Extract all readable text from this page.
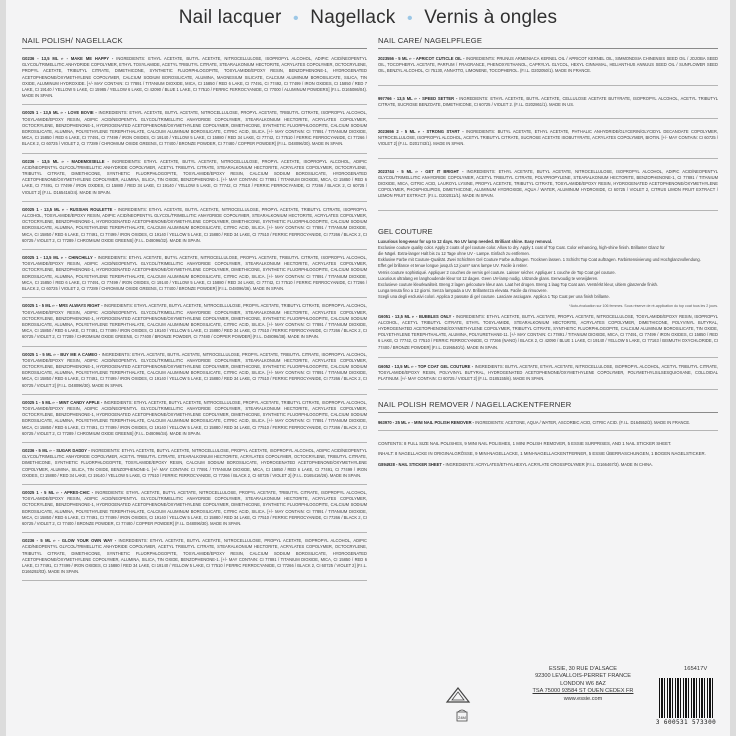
Nail lacquer • Nagellack • Vernis à ongles
NAIL POLISH/ NAGELLACK
G0236 - 13,5 ML ℮ - MAKE ME HAPPY - INGREDIENTS: ETHYL ACETATE, BUTYL ACETATE, NITROCELLULOSE, ISOPROPYL ALCOHOL, ADIPIC ACID/NEOPENTYL GLYCOL/TRIMELLITIC ANHYDRIDE COPOLYMER, ETHYL TOSYLAMIDE, ACETYL TRIBUTYL CITRATE, STEARALKONIUM HECTORITE, ACRYLATES COPOLYMER, OCTOCRYLENE, PROPYL ACETATE, TRIBUTYL CITRATE, DIMETHICONE, SYNTHETIC FLUORPHLOGOPITE, TOSYLAMIDE/EPOXY RESIN, BENZOPHENONE-1, HYDROGENATED ACETOPHENONE/OXYMETHYLENE COPOLYMER, CALCIUM SODIUM BOROSILICATE, ALUMINA, MAGNESIUM SILICATE, CALCIUM ALUMINUM BOROSILICATE, SILICA, TIN OXIDE, ALUMINUM HYDROXIDE. [+/- MAY CONTAIN: CI 77891 / TITANIUM DIOXIDE, MICA, CI 15850 / RED 6 LAKE, CI 77491, CI 77492, CI 77499 / IRON OXIDES, CI 15850 / RED 7 LAKE, CI 19140 / YELLOW 5 LAKE, CI 15985 / YELLOW 6 LAKE, CI 42090 / BLUE 1 LAKE, CI 77510 / FERRIC FERROCYANIDE, CI 77000 / ALUMINUM POWDERS] (F.I.L. D165086/04). MADE IN SPAIN.
G0025 1 - 13,5 ML ℮ - LOVE BOVIE - INGREDIENTS: ETHYL ACETATE, BUTYL ACETATE, NITROCELLULOSE, PROPYL ACETATE, TRIBUTYL CITRATE, ISOPROPYL ALCOHOL, TOSYLAMIDE/EPOXY RESIN, ADIPIC ACID/NEOPENTYL GLYCOL/TRIMELLITIC ANHYDRIDE COPOLYMER, STEARALKONIUM HECTORITE, ACRYLATES COPOLYMER, OCTOCRYLENE, BENZOPHENONE-1, HYDROGENATED ACETOPHENONE/OXYMETHYLENE COPOLYMER, DIMETHICONE, SYNTHETIC FLUORPHLOGOPITE, CALCIUM SODIUM BOROSILICATE, ALUMINA, POLYETHYLENE TEREPHTHALATE, CALCIUM ALUMINUM BOROSILICATE, CITRIC ACID, SILICA. [+/- MAY CONTAIN: CI 77891 / TITANIUM DIOXIDE, MICA, CI 15850 / RED 6 LAKE, CI 77491, CI 77499 / IRON OXIDES, CI 19140 / YELLOW 5 LAKE, CI 15880 / RED 34 LAKE, CI 77742, CI 77510 / FERRIC FERROCYANIDE, CI 77266 / BLACK 2, CI 60725 / VIOLET 2, CI 77289 / CHROMIUM OXIDE GREENS, CI 77400 / BRONZE POWDER, CI 77480 / COPPER POWDER] (F.I.L. D48096/30). MADE IN SPAIN.
G0236 - 13,5 ML ℮ - MADEMOISELLE - INGREDIENTS: ETHYL ACETATE, BUTYL ACETATE, NITROCELLULOSE, PROPYL ACETATE, ISOPROPYL ALCOHOL, ADIPIC ACID/NEOPENTYL GLYCOL/TRIMELLITIC ANHYDRIDE COPOLYMER, ACETYL TRIBUTYL CITRATE, STEARALKONIUM HECTORITE, ACRYLATES COPOLYMER, OCTOCRYLENE, TRIBUTYL CITRATE, DIMETHICONE, SYNTHETIC FLUORPHLOGOPITE, TOSYLAMIDE/EPOXY RESIN, CALCIUM SODIUM BOROSILICATE, HYDROGENATED ACETOPHENONE/OXYMETHYLENE COPOLYMER, ALUMINA, SILICA, TIN OXIDE, BENZOPHENONE-1. [+/- MAY CONTAIN: CI 77891 / TITANIUM DIOXIDE, MICA, CI 15850 / RED 6 LAKE, CI 77491, CI 77499 / IRON OXIDES, CI 15880 / RED 34 LAKE, CI 19140 / YELLOW 5 LAKE, CI 77742, CI 77510 / FERRIC FERROCYANIDE, CI 77266 / BLACK 2, CI 60725 / VIOLET 2] (F.I.L. D165416/24). MADE IN SPAIN.
G0025 1 - 13,5 ML ℮ - RUSSIAN ROULETTE - INGREDIENTS: ETHYL ACETATE, BUTYL ACETATE, NITROCELLULOSE, PROPYL ACETATE, TRIBUTYL CITRATE, ISOPROPYL ALCOHOL, TOSYLAMIDE/EPOXY RESIN, ADIPIC ACID/NEOPENTYL GLYCOL/TRIMELLITIC ANHYDRIDE COPOLYMER, STEARALKONIUM HECTORITE, ACRYLATES COPOLYMER, OCTOCRYLENE, BENZOPHENONE-1, HYDROGENATED ACETOPHENONE/OXYMETHYLENE COPOLYMER, DIMETHICONE, SYNTHETIC FLUORPHLOGOPITE, CALCIUM SODIUM BOROSILICATE, ALUMINA, POLYETHYLENE TEREPHTHALATE, CALCIUM ALUMINUM BOROSILICATE, CITRIC ACID, SILICA. [+/- MAY CONTAIN: CI 77891 / TITANIUM DIOXIDE, MICA, CI 15850 / RED 6 LAKE, CI 77491, CI 77499 / IRON OXIDES, CI 19140 / YELLOW 5 LAKE, CI 15880 / RED 34 LAKE, CI 77510 / FERRIC FERROCYANIDE, CI 77266 / BLACK 2, CI 60725 / VIOLET 2, CI 77289 / CHROMIUM OXIDE GREENS] (F.I.L. D48096/32). MADE IN SPAIN.
G0025 1 - 13,5 ML ℮ - CHINCHILLY - INGREDIENTS: ETHYL ACETATE, BUTYL ACETATE, NITROCELLULOSE, PROPYL ACETATE, TRIBUTYL CITRATE, ISOPROPYL ALCOHOL, TOSYLAMIDE/EPOXY RESIN, ADIPIC ACID/NEOPENTYL GLYCOL/TRIMELLITIC ANHYDRIDE COPOLYMER, STEARALKONIUM HECTORITE, ACRYLATES COPOLYMER, OCTOCRYLENE, BENZOPHENONE-1, HYDROGENATED ACETOPHENONE/OXYMETHYLENE COPOLYMER, DIMETHICONE, SYNTHETIC FLUORPHLOGOPITE, CALCIUM SODIUM BOROSILICATE, ALUMINA, POLYETHYLENE TEREPHTHALATE, CALCIUM ALUMINUM BOROSILICATE, CITRIC ACID, SILICA. [+/- MAY CONTAIN: CI 77891 / TITANIUM DIOXIDE, MICA, CI 15850 / RED 6 LAKE, CI 77491, CI 77499 / IRON OXIDES, CI 19140 / YELLOW 5 LAKE, CI 15880 / RED 34 LAKE, CI 77742, CI 77510 / FERRIC FERROCYANIDE, CI 77266 / BLACK 2, CI 60725 / VIOLET 2, CI 77289 / CHROMIUM OXIDE GREENS, CI 77400 / BRONZE POWDER] (F.I.L. D48096/36). MADE IN SPAIN.
G0025 1 - 5 ML ℮ - MRS ALWAYS RIGHT - INGREDIENTS: ETHYL ACETATE, BUTYL ACETATE, NITROCELLULOSE, PROPYL ACETATE, TRIBUTYL CITRATE, ISOPROPYL ALCOHOL, TOSYLAMIDE/EPOXY RESIN, ADIPIC ACID/NEOPENTYL GLYCOL/TRIMELLITIC ANHYDRIDE COPOLYMER, STEARALKONIUM HECTORITE, ACRYLATES COPOLYMER, OCTOCRYLENE, BENZOPHENONE-1, HYDROGENATED ACETOPHENONE/OXYMETHYLENE COPOLYMER, DIMETHICONE, SYNTHETIC FLUORPHLOGOPITE, CALCIUM SODIUM BOROSILICATE, ALUMINA, POLYETHYLENE TEREPHTHALATE, CALCIUM ALUMINUM BOROSILICATE, CITRIC ACID, SILICA. [+/- MAY CONTAIN: CI 77891 / TITANIUM DIOXIDE, MICA, CI 15850 / RED 6 LAKE, CI 77491, CI 77499 / IRON OXIDES, CI 19140 / YELLOW 5 LAKE, CI 15880 / RED 34 LAKE, CI 77510 / FERRIC FERROCYANIDE, CI 77266 / BLACK 2, CI 60725 / VIOLET 2, CI 77289 / CHROMIUM OXIDE GREENS, CI 77400 / BRONZE POWDER, CI 77480 / COPPER POWDER] (F.I.L. D48096/38). MADE IN SPAIN.
G0025 1 - 5 ML ℮ - BUY ME A CAMEO - INGREDIENTS: ETHYL ACETATE, BUTYL ACETATE, NITROCELLULOSE, PROPYL ACETATE, TRIBUTYL CITRATE, ISOPROPYL ALCOHOL, TOSYLAMIDE/EPOXY RESIN, ADIPIC ACID/NEOPENTYL GLYCOL/TRIMELLITIC ANHYDRIDE COPOLYMER, STEARALKONIUM HECTORITE, ACRYLATES COPOLYMER, OCTOCRYLENE, BENZOPHENONE-1, HYDROGENATED ACETOPHENONE/OXYMETHYLENE COPOLYMER, DIMETHICONE, SYNTHETIC FLUORPHLOGOPITE, CALCIUM SODIUM BOROSILICATE, ALUMINA, POLYETHYLENE TEREPHTHALATE, CALCIUM ALUMINUM BOROSILICATE, CITRIC ACID, SILICA. [+/- MAY CONTAIN: CI 77891 / TITANIUM DIOXIDE, MICA, CI 15850 / RED 6 LAKE, CI 77491, CI 77499 / IRON OXIDES, CI 19140 / YELLOW 5 LAKE, CI 15880 / RED 34 LAKE, CI 77510 / FERRIC FERROCYANIDE, CI 77266 / BLACK 2, CI 60725 / VIOLET 2] (F.I.L. D48096/30). MADE IN SPAIN.
G0025 1 - 5 ML ℮ - MINT CANDY APPLE - INGREDIENTS: ETHYL ACETATE, BUTYL ACETATE, NITROCELLULOSE, PROPYL ACETATE, TRIBUTYL CITRATE, ISOPROPYL ALCOHOL, TOSYLAMIDE/EPOXY RESIN, ADIPIC ACID/NEOPENTYL GLYCOL/TRIMELLITIC ANHYDRIDE COPOLYMER, STEARALKONIUM HECTORITE, ACRYLATES COPOLYMER, OCTOCRYLENE, BENZOPHENONE-1, HYDROGENATED ACETOPHENONE/OXYMETHYLENE COPOLYMER, DIMETHICONE, SYNTHETIC FLUORPHLOGOPITE, CALCIUM SODIUM BOROSILICATE, ALUMINA, POLYETHYLENE TEREPHTHALATE, CALCIUM ALUMINUM BOROSILICATE, CITRIC ACID, SILICA. [+/- MAY CONTAIN: CI 77891 / TITANIUM DIOXIDE, MICA, CI 15850 / RED 6 LAKE, CI 77491, CI 77499 / IRON OXIDES, CI 19140 / YELLOW 5 LAKE, CI 15880 / RED 34 LAKE, CI 77510 / FERRIC FERROCYANIDE, CI 77266 / BLACK 2, CI 60725 / VIOLET 2, CI 77289 / CHROMIUM OXIDE GREENS] (F.I.L. D48096/34). MADE IN SPAIN.
G0236 - 5 ML ℮ - SUGAR DADDY - INGREDIENTS: ETHYL ACETATE, BUTYL ACETATE, NITROCELLULOSE, PROPYL ACETATE, ISOPROPYL ALCOHOL, ADIPIC ACID/NEOPENTYL GLYCOL/TRIMELLITIC ANHYDRIDE COPOLYMER, ACETYL TRIBUTYL CITRATE, STEARALKONIUM HECTORITE, ACRYLATES COPOLYMER, OCTOCRYLENE, TRIBUTYL CITRATE, DIMETHICONE, SYNTHETIC FLUORPHLOGOPITE, TOSYLAMIDE/EPOXY RESIN, CALCIUM SODIUM BOROSILICATE, HYDROGENATED ACETOPHENONE/OXYMETHYLENE COPOLYMER, ALUMINA, SILICA, TIN OXIDE, BENZOPHENONE-1. [+/- MAY CONTAIN: CI 77891 / TITANIUM DIOXIDE, MICA, CI 15850 / RED 6 LAKE, CI 77491, CI 77499 / IRON OXIDES, CI 15880 / RED 34 LAKE, CI 19140 / YELLOW 5 LAKE, CI 77510 / FERRIC FERROCYANIDE, CI 77266 / BLACK 2, CI 60725 / VIOLET 2] (F.I.L. D165416/26). MADE IN SPAIN.
G0025 1 - 5 ML ℮ - APRES-CHIC - INGREDIENTS: ETHYL ACETATE, BUTYL ACETATE, NITROCELLULOSE, PROPYL ACETATE, TRIBUTYL CITRATE, ISOPROPYL ALCOHOL, TOSYLAMIDE/EPOXY RESIN, ADIPIC ACID/NEOPENTYL GLYCOL/TRIMELLITIC ANHYDRIDE COPOLYMER, STEARALKONIUM HECTORITE, ACRYLATES COPOLYMER, OCTOCRYLENE, BENZOPHENONE-1, HYDROGENATED ACETOPHENONE/OXYMETHYLENE COPOLYMER, DIMETHICONE, SYNTHETIC FLUORPHLOGOPITE, CALCIUM SODIUM BOROSILICATE, ALUMINA, POLYETHYLENE TEREPHTHALATE, CALCIUM ALUMINUM BOROSILICATE, CITRIC ACID, SILICA. [+/- MAY CONTAIN: CI 77891 / TITANIUM DIOXIDE, MICA, CI 15850 / RED 6 LAKE, CI 77491, CI 77499 / IRON OXIDES, CI 19140 / YELLOW 5 LAKE, CI 15880 / RED 34 LAKE, CI 77510 / FERRIC FERROCYANIDE, CI 77266 / BLACK 2, CI 60725 / VIOLET 2, CI 77400 / BRONZE POWDER, CI 77480 / COPPER POWDER] (F.I.L. D48096/30). MADE IN SPAIN.
G0236 - 5 ML ℮ - GLOW YOUR OWN WAY - INGREDIENTS: ETHYL ACETATE, BUTYL ACETATE, NITROCELLULOSE, PROPYL ACETATE, ISOPROPYL ALCOHOL, ADIPIC ACID/NEOPENTYL GLYCOL/TRIMELLITIC ANHYDRIDE COPOLYMER, ACETYL TRIBUTYL CITRATE, STEARALKONIUM HECTORITE, ACRYLATES COPOLYMER, OCTOCRYLENE, TRIBUTYL CITRATE, DIMETHICONE, SYNTHETIC FLUORPHLOGOPITE, TOSYLAMIDE/EPOXY RESIN, CALCIUM SODIUM BOROSILICATE, HYDROGENATED ACETOPHENONE/OXYMETHYLENE COPOLYMER, ALUMINA, SILICA, TIN OXIDE, BENZOPHENONE-1. [+/- MAY CONTAIN: CI 77891 / TITANIUM DIOXIDE, MICA, CI 15850 / RED 6 LAKE, CI 77491, CI 77499 / IRON OXIDES, CI 15880 / RED 34 LAKE, CI 19140 / YELLOW 5 LAKE, CI 77510 / FERRIC FERROCYANIDE, CI 77266 / BLACK 2, CI 60725 / VIOLET 2] (F.I.L. D166292/03). MADE IN SPAIN.
NAIL CARE/ NAGELPFLEGE
2023556 - 5 ML ℮ - APRICOT CUTICLE OIL - INGREDIENTS: PRUNUS ARMENIACA KERNEL OIL / APRICOT KERNEL OIL, SIMMONDSIA CHINENSIS SEED OIL / JOJOBA SEED OIL, TOCOPHERYL ACETATE, PARFUM / FRAGRANCE, PHENOXYETHANOL, CAPRYLYL GLYCOL, HEXYL CINNAMAL, HELIANTHUS ANNUUS SEED OIL / SUNFLOWER SEED OIL, BENZYL ALCOHOL, CI 75130, ANNATTO, LIMONENE, TOCOPHEROL. (F.I.L. D202050/1). MADE IN FRANCE.
997766 - 13,5 ML ℮ - SPEED SETTER - INGREDIENTS: ETHYL ACETATE, BUTYL ACETATE, CELLULOSE ACETATE BUTYRATE, ISOPROPYL ALCOHOL, ACETYL TRIBUTYL CITRATE, SUCROSE BENZOATE, DIMETHICONE, CI 60725 / VIOLET 2. (F.I.L. D202861/1). MADE IN US.
2023656 2 - 5 ML ℮ - STRONG START - INGREDIENTS: BUTYL ACETATE, ETHYL ACETATE, PHTHALIC ANHYDRIDE/GLYCERIN/GLYCIDYL DECANOATE COPOLYMER, NITROCELLULOSE, ISOPROPYL ALCOHOL, ACETYL TRIBUTYL CITRATE, SUCROSE ACETATE ISOBUTYRATE, ACRYLATES COPOLYMER, BIOTIN. [+/- MAY CONTAIN: CI 60725 / VIOLET 2] (F.I.L. D201743/1). MADE IN SPAIN.
2023744 - 5 ML ℮ - GET IT BRIGHT - INGREDIENTS: ETHYL ACETATE, BUTYL ACETATE, NITROCELLULOSE, ISOPROPYL ALCOHOL, ADIPIC ACID/NEOPENTYL GLYCOL/TRIMELLITIC ANHYDRIDE COPOLYMER, ACETYL TRIBUTYL CITRATE, POLYPROPYLENE, STEARALKONIUM HECTORITE, BENZOPHENONE-1, CI 77891 / TITANIUM DIOXIDE, MICA, CITRIC ACID, LAUROYL LYSINE, PROPYL ACETATE, TRIBUTYL CITRATE, TOSYLAMIDE/EPOXY RESIN, HYDROGENATED ACETOPHENONE/OXYMETHYLENE COPOLYMER, PHOSPHOLIPIDS, DIMETHICONE, ALUMINUM HYDROXIDE, AQUA / WATER, ALUMINUM HYDROXIDE, CI 60725 / VIOLET 2, CITRUS LIMON FRUIT EXTRACT / LEMON FRUIT EXTRACT. (F.I.L. D202011/1). MADE IN SPAIN.
GEL COUTURE
Luxurious long-wear for up to 12 days. No UV lamp needed. Brilliant shine. Easy removal.
Exclusive couture quality color. Apply 2 coats of gel couture color. Allow to dry. Apply 1 coat of Top Coat. Color enhancing, high-shine finish. Brillanter Glanz für
die Nägel. Extra-langer Halt bis zu 12 Tage ohne UV - Lampe. Einfach zu entfernen.
Exklusive Farbe mit Couture-Qualität. Zwei Schichten Gel Couture Farbe auftragen. Trocknen lassen. 1 Schicht Top Coat auftragen. Farbintensivierung und Hochglanzvollendung.
Effet gel brillance et tenue longue jusqu'à 12 jours* sans lampe UV. Facile à retirer.
Vernis couture sophistiqué. Appliquer 2 couches de vernis gel couture. Laisser sécher. Appliquer 1 couche de Top Coat gel couture.
Luxurious ultralang en langhoudende kleur tot 12 dagen. Geen UV-lamp nodig. Uitzonde glans. Eenvoudig te verwijderen.
Exclusieve couture kleurkwaliteit. Breng 2 lagen gelcouture kleur aan. Laat het drogen. Breng 1 laag Top Coat aan. Verstérkt kleur, ultiem glanzende finish.
Lunga tenuta fino a 12 giorni. Senza lampada a UV. Brillantezza elevata. Facile da rimuovere.
Scegli una degli esclusivi colori. Applica 2 passate di gel couture. Lasciare asciugare. Applica 1 Top Coat per una finish brillante.
*Auto-évaluation sur 106 femmes. Sous réserve de ré-application du top coat tous les 2 jours.
G6051 - 13,5 ML ℮ - BUBBLES ONLY - INGREDIENTS: ETHYL ACETATE, BUTYL ACETATE, PROPYL ACETATE, NITROCELLULOSE, TOSYLAMIDE/EPOXY RESIN, ISOPROPYL ALCOHOL, ACETYL TRIBUTYL CITRATE, ETHYL TOSYLAMIDE, STEARALKONIUM HECTORITE, ACRYLATES COPOLYMER, DIMETHICONE, POLYVINYL BUTYRAL, HYDROGENATED ACETOPHENONE/OXYMETHYLENE COPOLYMER, TRIBUTYL CITRATE, SYNTHETIC FLUORPHLOGOPITE, CALCIUM ALUMINUM BOROSILICATE, TIN OXIDE, POLYETHYLENE TEREPHTHALATE, ALUMINA, POLYURETHANE-11. [+/- MAY CONTAIN: CI 77891 / TITANIUM DIOXIDE, MICA, CI 77491, CI 77499 / IRON OXIDES, CI 15850 / RED 6 LAKE, CI 77742, CI 77510 / FERRIC FERROCYANIDE, CI 77266 (NANO) / BLACK 2, CI 42090 / BLUE 1 LAKE, CI 19140 / YELLOW 5 LAKE, CI 77163 / BISMUTH OXYCHLORIDE, CI 77400 / BRONZE POWDER] (F.I.L. D196540/1). MADE IN SPAIN.
G6052 - 13,5 ML ℮ - TOP COAT GEL COUTURE - INGREDIENTS: BUTYL ACETATE, ETHYL ACETATE, NITROCELLULOSE, ISOPROPYL ALCOHOL, ACETYL TRIBUTYL CITRATE, TOSYLAMIDE/EPOXY RESIN, POLYVINYL BUTYRAL, HYDROGENATED ACETOPHENONE/OXYMETHYLENE COPOLYMER, POLYMETHYLSILSESQUIOXANE, COLLOIDAL PLATINUM. [+/- MAY CONTAIN: CI 60725 / VIOLET 2] (F.I.L. D185155/6). MADE IN SPAIN.
NAIL POLISH REMOVER / NAGELLACKENTFERNER
963970 - 25 ML ℮ - MINI NAIL POLISH REMOVER - INGREDIENTS: ACETONE, AQUA / WATER, ASCORBIC ACID, CITRIC ACID. (F.I.L. D164552/2). MADE IN FRANCE.
CONTENTS: 8 FULL SIZE NAIL POLISHES, 9 MINI NAIL POLISHES, 1 MINI POLISH REMOVER, 5 ESSIE SURPRISES, AND 1 NAIL STICKER SHEET.
INHALT: 8 NAGELLACKE IN ORIGINALGRÖSSE, 9 MINI-NAGELLACKE, 1 MINI-NAGELLACKENTFERNER, 5 ESSIE ÜBERRASCHUNGEN, 1 BOGEN NAGELSTICKER.
G894928 - NAIL STICKER SHEET - INGREDIENTS: ACRYLATES/ETHYLHEXYL ACRYLATE CROSSPOLYMER (F.I.L. D166467/3). MADE IN CHINA.
24M
ESSIE, 30 RUE D'ALSACE
92300 LEVALLOIS-PERRET FRANCE
LONDON W6 8AZ
TSA 75000 93584 ST OUEN CEDEX FR
www.essie.com
165417V
3 600531 573300
